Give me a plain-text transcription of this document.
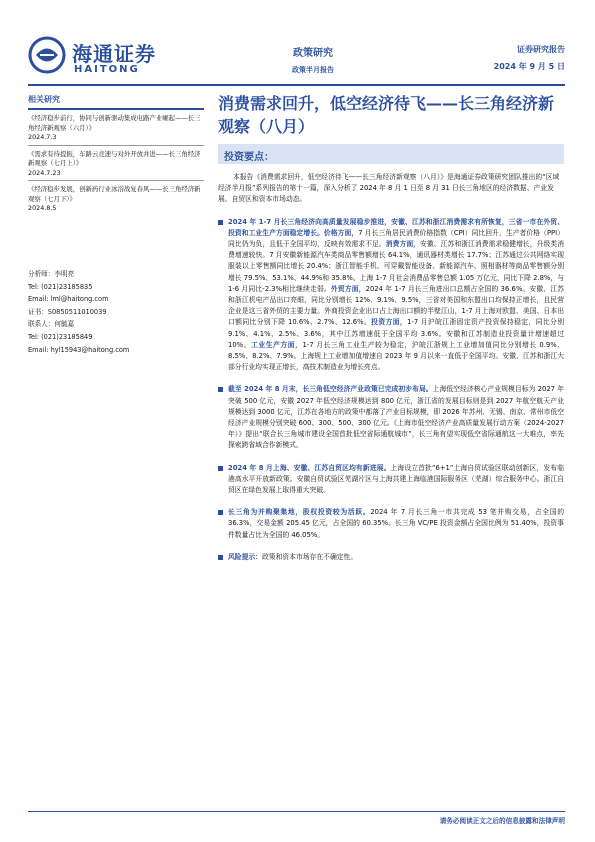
海通证券
HAITONG
政策研究
政策半月报告
证券研究报告
2024 年 9 月 5 日
相关研究
《经济稳步前行，协同与创新驱动集成电路产业崛起——长三角经济新观察（六月）》
2024.7.3
《需求有待提振，车路云竞速与对外开放并进——长三角经济新观察（七月上）》
2024.7.23
《经济稳步发展，创新药行业冰浴战复春风——长三角经济新观察（七月下）》
2024.8.5
分析师：李明亮
Tel: (021)23185835
Email: lml@haitong.com
证书：S0850511010039
联系人：何毓嘉
Tel: (021)23185849
Email: hyl15943@haitong.com
消费需求回升，低空经济待飞——长三角经济新观察（八月）
投资要点：
本报告《消费需求回升，低空经济待飞——长三角经济新观察（八月）》是海通证券政策研究团队推出的“区域经济半月报”系列报告的第十一篇，深入分析了 2024 年 8 月 1 日至 8 月 31 日长三角地区的经济数据、产业发展、自贸区和资本市场动态。
2024 年 1-7 月长三角经济向高质量发展稳步推进，安徽、江苏和浙江消费需求有所恢复，三省一市在外贸、投资和工业生产方面稳定增长。价格方面，7 月长三角居民消费价格指数（CPI）同比回升，生产者价格（PPI）同比仍为负，且低于全国平均，反映有效需求不足。消费方面，安徽、江苏和浙江消费需求稳健增长，升级类消费增速较快。7 月安徽新能源汽车类商品零售额增长 64.1%，通讯器材类增长 17.7%；江苏通过公共网络实现服装以上零售额同比增长 20.4%；浙江智能手机、可穿戴智能设备、新能源汽车、照相器材等商品零售额分别增长 79.5%、53.1%、44.9%和 35.8%。上海 1-7 月社会消费品零售总额 1.05 万亿元，同比下降 2.8%，与 1-6 月同比-2.3%相比继续走弱。外贸方面，2024 年 1-7 月长三角进出口总额占全国的 36.6%。安徽、江苏和浙江机电产品出口亮眼，同比分别增长 12%、9.1%、9.5%，三省对美国和东盟出口均保持正增长，且民营企业是这三省外贸的主要力量。外商投资企业出口占上海出口额的半壁江山，1-7 月上海对欧盟、美国、日本出口额同比分别下降 10.6%、2.7%、12.6%。投资方面，1-7 月沪皖江浙固定资产投资保持稳定，同比分别 9.1%、4.1%、2.5%、3.6%，其中江苏增速低于全国平均 3.6%。安徽和江苏制造业投资量计增速超过 10%。工业生产方面，1-7 月长三角工业生产较为稳定，沪皖江浙规上工业增加值同比分别增长 0.9%、8.5%、8.2%、7.9%。上海规上工业增加值增速自 2023 年 9 月以来一直低于全国平均。安徽、江苏和浙江大部分行业均实现正增长，高技术制造业为增长亮点。
截至 2024 年 8 月末，长三角低空经济产业政策已完成初步布局。上海低空经济核心产业规模目标为 2027 年突破 500 亿元，安徽 2027 年低空经济规模达到 800 亿元，浙江省的发展目标则是到 2027 年航空航天产业规模达到 3000 亿元，江苏在各地方的政策中都落了产业目标规模，即 2026 年苏州、无锡、南京、常州市低空经济产业规模分别突破 600、300、500、300 亿元。《上海市低空经济产业高质量发展行动方案（2024-2027 年）》提出“联合长三角城市建设全国首批低空省际通航城市”，长三角有望实现低空省际通航这一大难点，率先探索跨省域合作新模式。
2024 年 8 月上海、安徽、江苏自贸区均有新进展。上海设立首批“6+1”上海自贸试验区联动创新区，发布临港高水平开放新政策。安徽自贸试验区芜湖片区与上海共建上海临港国际服务区（芜湖）综合服务中心。浙江自贸区在绿色发展上取得重大突破。
长三角为并购聚集地，股权投资较为活跃。2024 年 7 月长三角一市共完成 53 笔并购交易，占全国的 36.3%，交易金额 205.45 亿元，占全国的 60.35%。长三角 VC/PE 投资金额占全国比例为 51.40%，投资事件数量占比为全国的 46.05%。
风险提示：政策和资本市场存在不确定性。
请务必阅读正文之后的信息披露和法律声明
